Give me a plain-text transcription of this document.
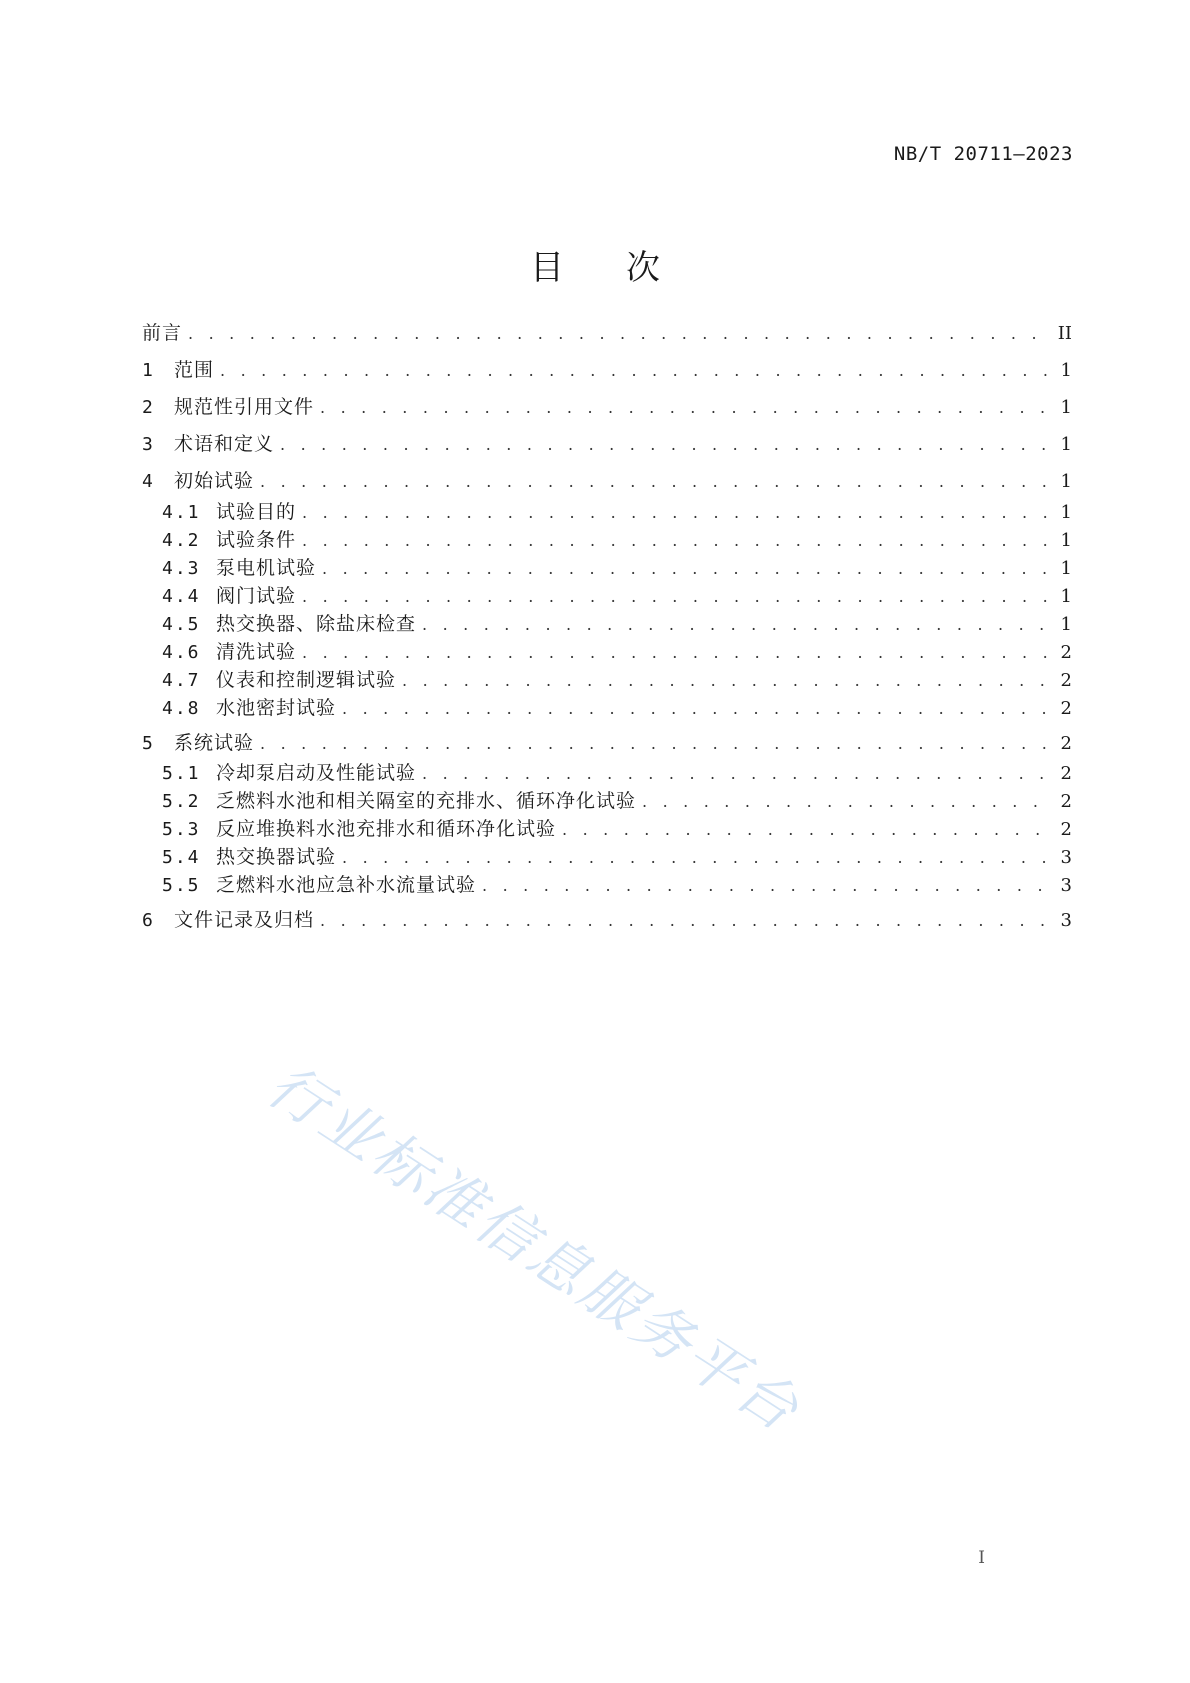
NB/T 20711—2023
目 次
前言 . . .	II
1	范围 . . .	1
2	规范性引用文件 . . .	1
3	术语和定义 . . .	1
4	初始试验 . . .	1
4.1 试验目的 . . .	1
4.2 试验条件 . . .	1
4.3 泵电机试验 . . .	1
4.4 阀门试验 . . .	1
4.5 热交换器、除盐床检查 . . .	1
4.6 清洗试验 . . .	2
4.7 仪表和控制逻辑试验 . . .	2
4.8 水池密封试验 . . .	2
5	系统试验 . . .	2
5.1 冷却泵启动及性能试验 . . .	2
5.2 乏燃料水池和相关隔室的充排水、循环净化试验 . . .	2
5.3 反应堆换料水池充排水和循环净化试验 . . .	2
5.4 热交换器试验 . . .	3
5.5 乏燃料水池应急补水流量试验 . . .	3
6	文件记录及归档 . . .	3
行业标准信息服务平台
I
